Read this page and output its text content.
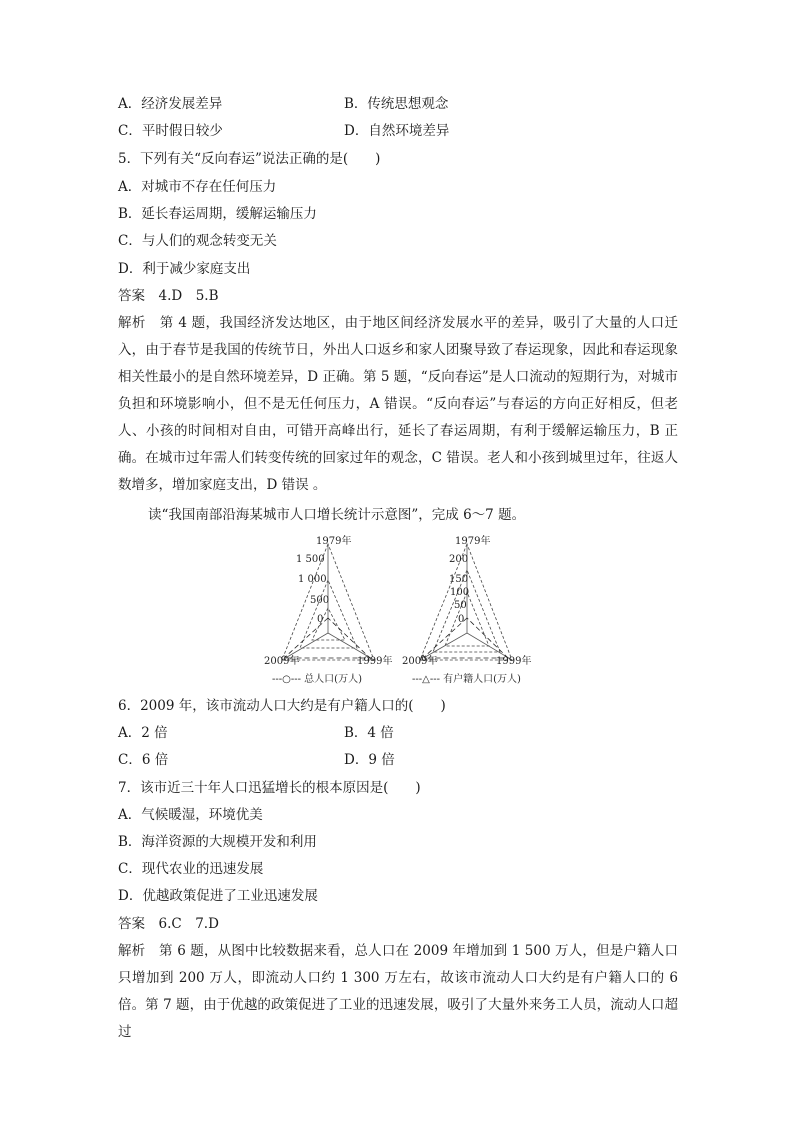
A．经济发展差异	B．传统思想观念
C．平时假日较少	D．自然环境差异
5．下列有关“反向春运”说法正确的是(　　)
A．对城市不存在任何压力
B．延长春运周期，缓解运输压力
C．与人们的观念转变无关
D．利于减少家庭支出
答案　4.D　5.B
解析　第 4 题，我国经济发达地区，由于地区间经济发展水平的差异，吸引了大量的人口迁入，由于春节是我国的传统节日，外出人口返乡和家人团聚导致了春运现象，因此和春运现象相关性最小的是自然环境差异，D 正确。第 5 题，“反向春运”是人口流动的短期行为，对城市负担和环境影响小，但不是无任何压力，A 错误。“反向春运”与春运的方向正好相反，但老人、小孩的时间相对自由，可错开高峰出行，延长了春运周期，有利于缓解运输压力，B 正确。在城市过年需人们转变传统的回家过年的观念，C 错误。老人和小孩到城里过年，往返人数增多，增加家庭支出，D 错误 。
读“我国南部沿海某城市人口增长统计示意图”，完成 6～7 题。
1979年
1 500
1 000
500
0
2009年	1999年
---○--- 总人口(万人)
1979年
200
150
100
50
0
2009年	1999年
---△--- 有户籍人口(万人)
6．2009 年，该市流动人口大约是有户籍人口的(　　)
A．2 倍	B．4 倍
C．6 倍	D．9 倍
7．该市近三十年人口迅猛增长的根本原因是(　　)
A．气候暖湿，环境优美
B．海洋资源的大规模开发和利用
C．现代农业的迅速发展
D．优越政策促进了工业迅速发展
答案　6.C　7.D
解析　第 6 题，从图中比较数据来看，总人口在 2009 年增加到 1 500 万人，但是户籍人口只增加到 200 万人，即流动人口约 1 300 万左右，故该市流动人口大约是有户籍人口的 6 倍。第 7 题，由于优越的政策促进了工业的迅速发展，吸引了大量外来务工人员，流动人口超过
